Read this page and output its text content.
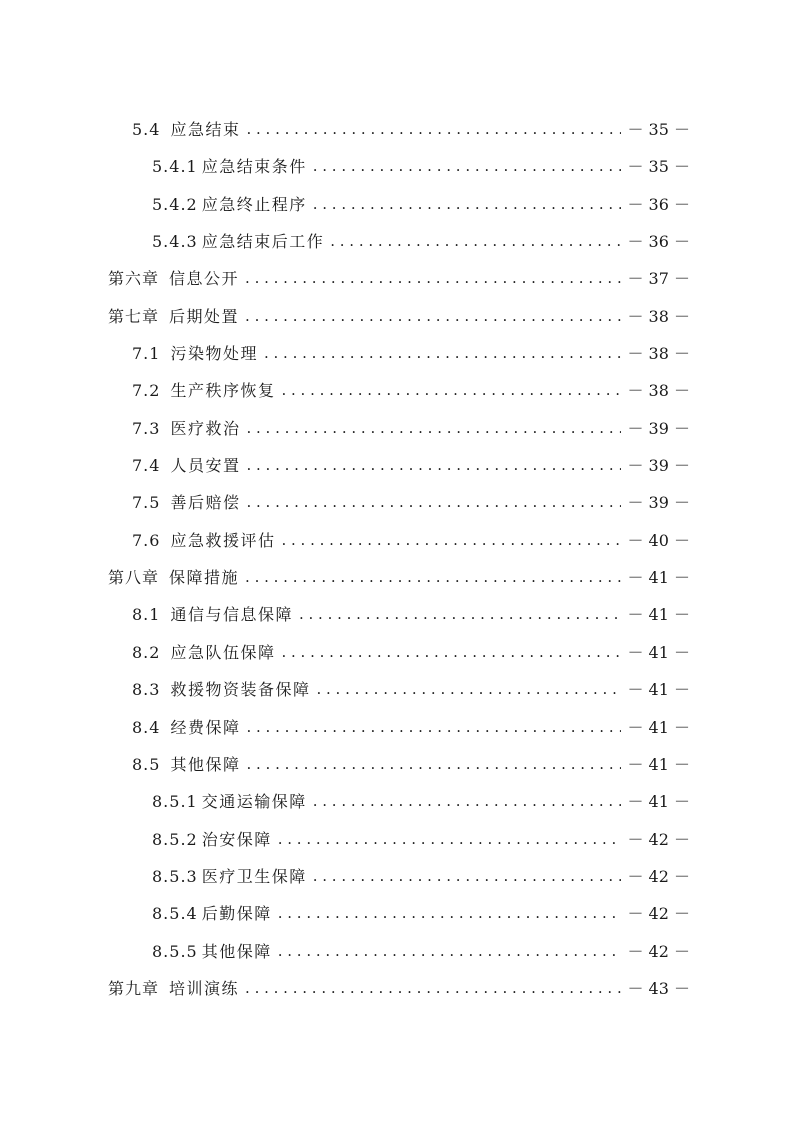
5.4 应急结束 . . .	－ 35 －
5.4.1 应急结束条件 . . .	－ 35 －
5.4.2 应急终止程序 . . .	－ 36 －
5.4.3 应急结束后工作 . . .	－ 36 －
第六章 信息公开 . . .	－ 37 －
第七章 后期处置 . . .	－ 38 －
7.1 污染物处理 . . .	－ 38 －
7.2 生产秩序恢复 . . .	－ 38 －
7.3 医疗救治 . . .	－ 39 －
7.4 人员安置 . . .	－ 39 －
7.5 善后赔偿 . . .	－ 39 －
7.6 应急救援评估 . . .	－ 40 －
第八章 保障措施 . . .	－ 41 －
8.1 通信与信息保障 . . .	－ 41 －
8.2 应急队伍保障 . . .	－ 41 －
8.3 救援物资装备保障 . . .	－ 41 －
8.4 经费保障 . . .	－ 41 －
8.5 其他保障 . . .	－ 41 －
8.5.1 交通运输保障 . . .	－ 41 －
8.5.2 治安保障 . . .	－ 42 －
8.5.3 医疗卫生保障 . . .	－ 42 －
8.5.4 后勤保障 . . .	－ 42 －
8.5.5 其他保障 . . .	－ 42 －
第九章 培训演练 . . .	－ 43 －
